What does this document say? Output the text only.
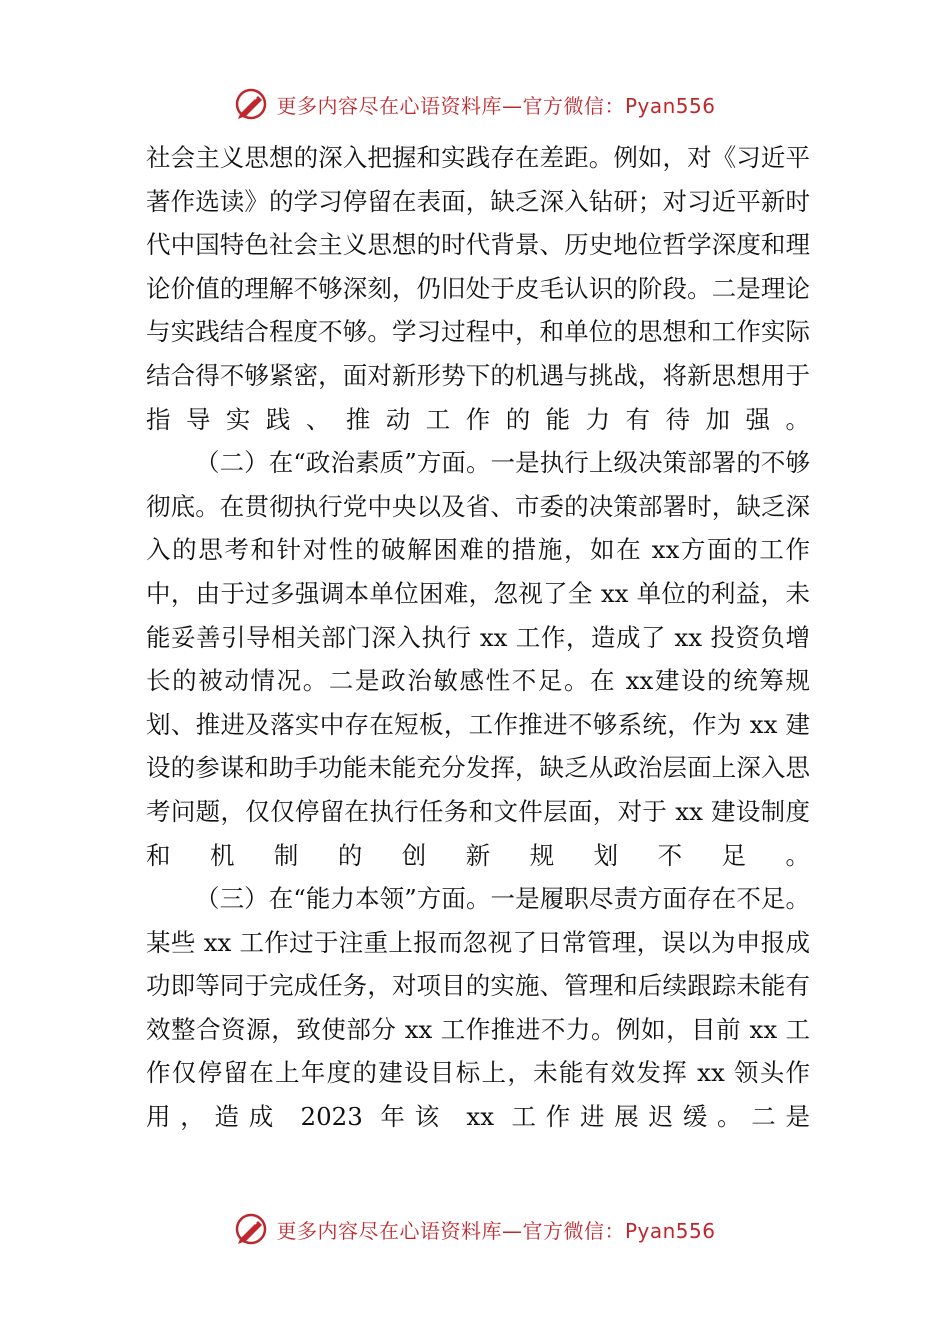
更多内容尽在心语资料库—官方微信：Pyan556

社会主义思想的深入把握和实践存在差距。例如，对《习近平著作选读》的学习停留在表面，缺乏深入钻研；对习近平新时代中国特色社会主义思想的时代背景、历史地位哲学深度和理论价值的理解不够深刻，仍旧处于皮毛认识的阶段。二是理论与实践结合程度不够。学习过程中，和单位的思想和工作实际结合得不够紧密，面对新形势下的机遇与挑战，将新思想用于指导实践、推动工作的能力有待加强。

（二）在“政治素质”方面。一是执行上级决策部署的不够彻底。在贯彻执行党中央以及省、市委的决策部署时，缺乏深入的思考和针对性的破解困难的措施，如在 xx方面的工作中，由于过多强调本单位困难，忽视了全 xx 单位的利益，未能妥善引导相关部门深入执行 xx 工作，造成了 xx 投资负增长的被动情况。二是政治敏感性不足。在 xx建设的统筹规划、推进及落实中存在短板，工作推进不够系统，作为 xx 建设的参谋和助手功能未能充分发挥，缺乏从政治层面上深入思考问题，仅仅停留在执行任务和文件层面，对于 xx 建设制度和机制的创新规划不足。

（三）在“能力本领”方面。一是履职尽责方面存在不足。某些 xx 工作过于注重上报而忽视了日常管理，误以为申报成功即等同于完成任务，对项目的实施、管理和后续跟踪未能有效整合资源，致使部分 xx 工作推进不力。例如，目前 xx 工作仅停留在上年度的建设目标上，未能有效发挥 xx 领头作用，造成 2023 年该 xx 工作进展迟缓。二是

更多内容尽在心语资料库—官方微信：Pyan556
